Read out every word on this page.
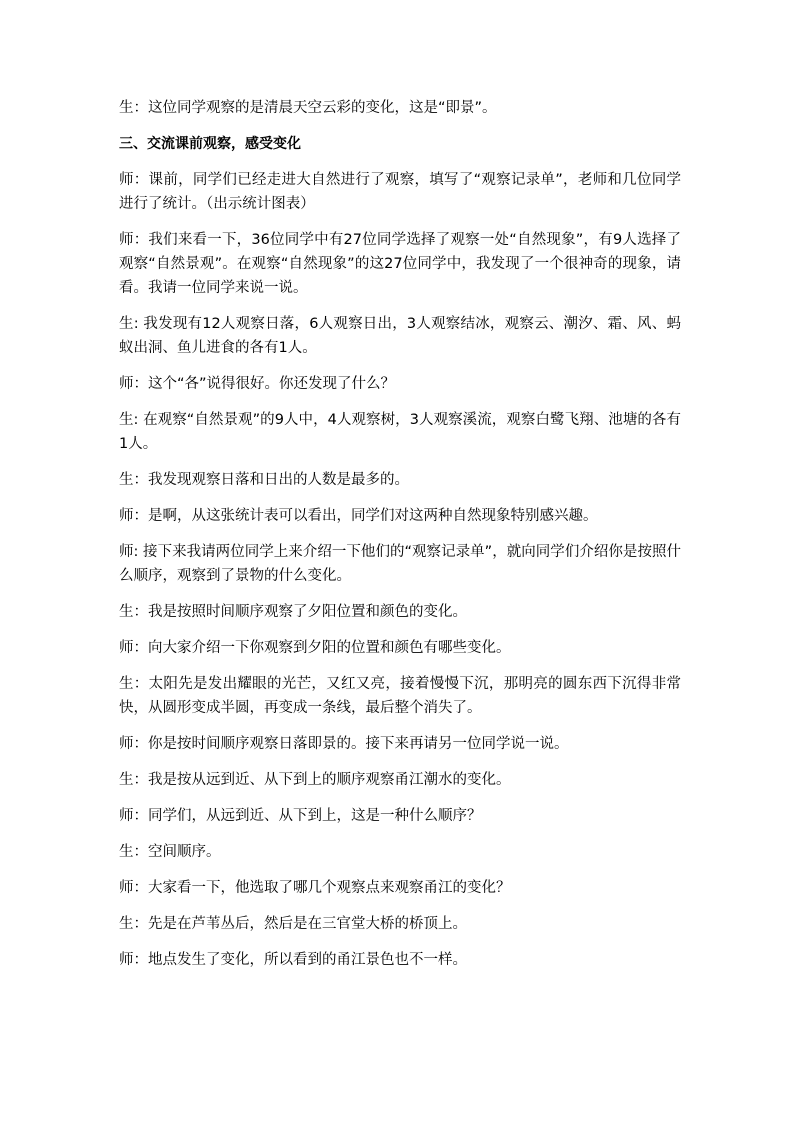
生：这位同学观察的是清晨天空云彩的变化，这是“即景”。

三、交流课前观察，感受变化

师：课前，同学们已经走进大自然进行了观察，填写了“观察记录单”，老师和几位同学进行了统计。（出示统计图表）

师：我们来看一下，36位同学中有27位同学选择了观察一处“自然现象”，有9人选择了观察“自然景观”。在观察“自然现象”的这27位同学中，我发现了一个很神奇的现象，请看。我请一位同学来说一说。

生: 我发现有12人观察日落，6人观察日出，3人观察结冰，观察云、潮汐、霜、风、蚂蚁出洞、鱼儿进食的各有1人。

师：这个“各”说得很好。你还发现了什么？

生: 在观察“自然景观”的9人中，4人观察树，3人观察溪流，观察白鹭飞翔、池塘的各有1人。

生：我发现观察日落和日出的人数是最多的。

师：是啊，从这张统计表可以看出，同学们对这两种自然现象特别感兴趣。

师: 接下来我请两位同学上来介绍一下他们的“观察记录单”，就向同学们介绍你是按照什么顺序，观察到了景物的什么变化。

生：我是按照时间顺序观察了夕阳位置和颜色的变化。

师：向大家介绍一下你观察到夕阳的位置和颜色有哪些变化。

生：太阳先是发出耀眼的光芒，又红又亮，接着慢慢下沉，那明亮的圆东西下沉得非常快，从圆形变成半圆，再变成一条线，最后整个消失了。

师：你是按时间顺序观察日落即景的。接下来再请另一位同学说一说。

生：我是按从远到近、从下到上的顺序观察甬江潮水的变化。

师：同学们，从远到近、从下到上，这是一种什么顺序？

生：空间顺序。

师：大家看一下，他选取了哪几个观察点来观察甬江的变化？

生：先是在芦苇丛后，然后是在三官堂大桥的桥顶上。

师：地点发生了变化，所以看到的甬江景色也不一样。
